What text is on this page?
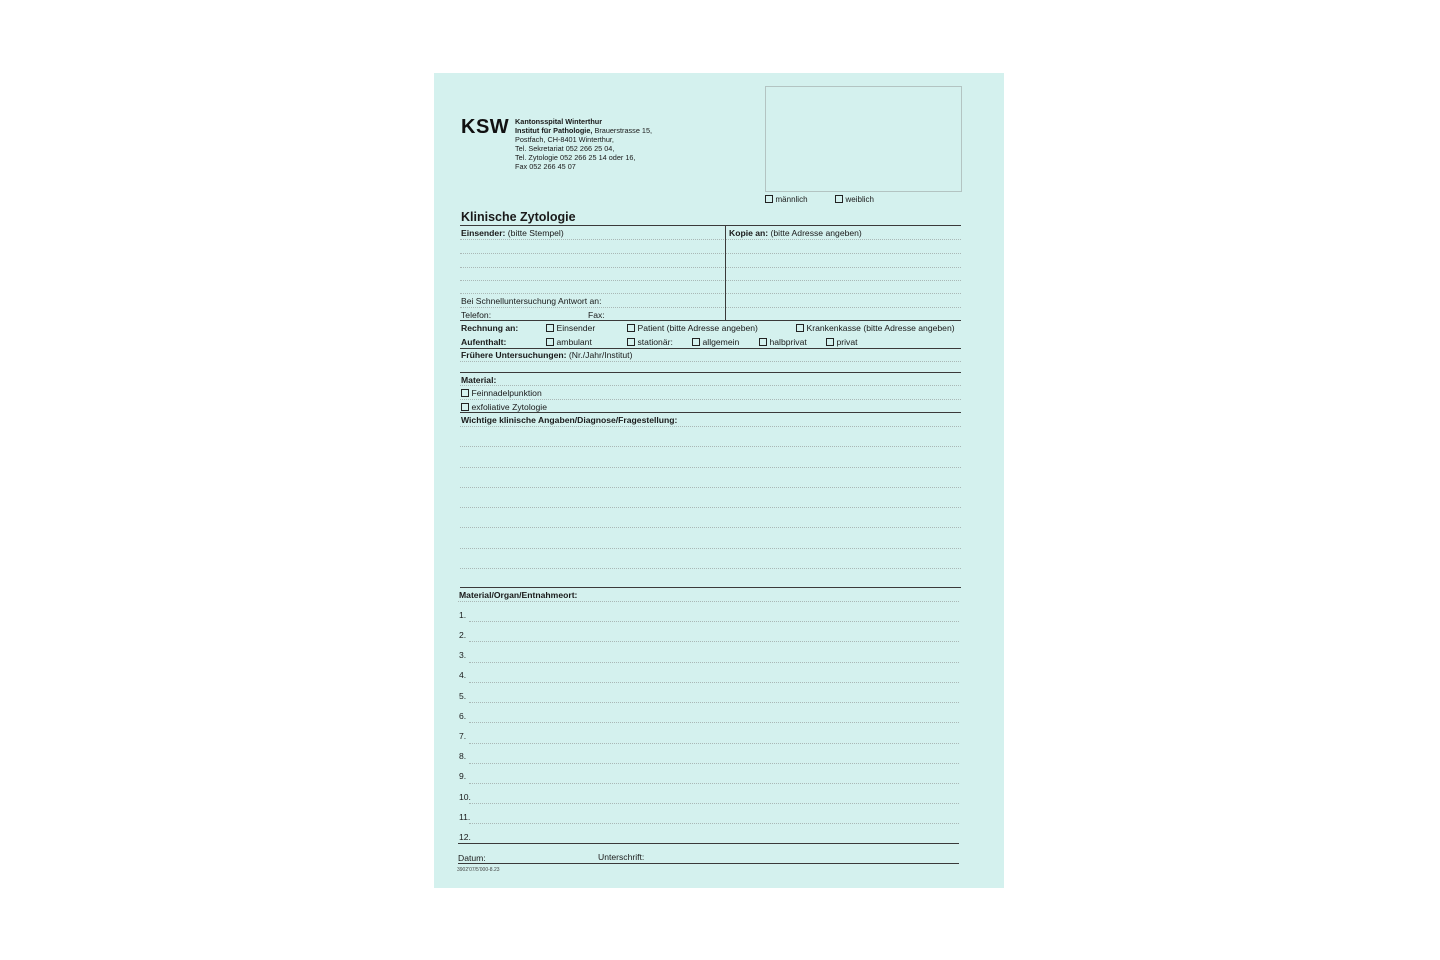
KSW Kantonsspital Winterthur
Institut für Pathologie, Brauerstrasse 15,
Postfach, CH-8401 Winterthur,
Tel. Sekretariat 052 266 25 04,
Tel. Zytologie 052 266 25 14 oder 16,
Fax 052 266 45 07
männlich	weiblich
Klinische Zytologie
Einsender: (bitte Stempel)	Kopie an: (bitte Adresse angeben)
Bei Schnelluntersuchung Antwort an:
Telefon:	Fax:
Rechnung an:	Einsender	Patient (bitte Adresse angeben)	Krankenkasse (bitte Adresse angeben)
Aufenthalt:	ambulant	stationär:	allgemein	halbprivat	privat
Frühere Untersuchungen: (Nr./Jahr/Institut)
Material:
Feinnadelpunktion
exfoliative Zytologie
Wichtige klinische Angaben/Diagnose/Fragestellung:
Material/Organ/Entnahmeort:
1.
2.
3.
4.
5.
6.
7.
8.
9.
10.
11.
12.
Datum:	Unterschrift:
3902'07/5'000-8.23
